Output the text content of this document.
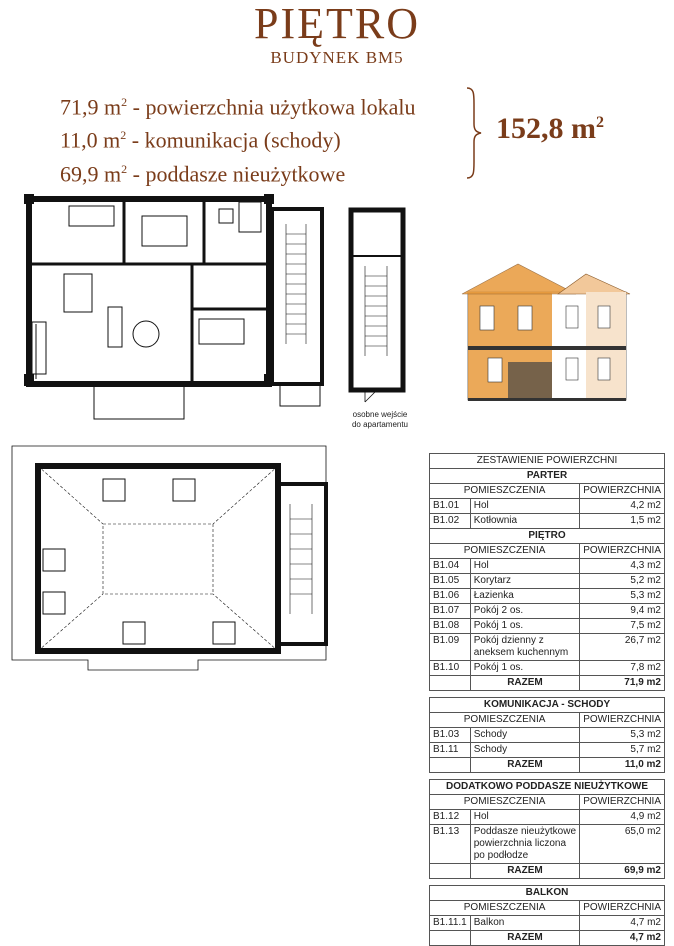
PIĘTRO
BUDYNEK BM5
71,9 $m^2$ - powierzchnia użytkowa lokalu
11,0 $m^2$ - komunikacja (schody)
69,9 $m^2$ - poddasze nieużytkowe
152,8 $m^2$
osobne wejście
do apartamentu
ZESTAWIENIE POWIERZCHNI		
PARTER		
POMIESZCZENIA		POWIERZCHNIA
B1.01	Hol	4,2 m2
B1.02	Kotłownia	1,5 m2
PIĘTRO		
POMIESZCZENIA		POWIERZCHNIA
B1.04	Hol	4,3 m2
B1.05	Korytarz	5,2 m2
B1.06	Łazienka	5,3 m2
B1.07	Pokój 2 os.	9,4 m2
B1.08	Pokój 1 os.	7,5 m2
B1.09	Pokój dzienny z aneksem kuchennym	26,7 m2
B1.10	Pokój 1 os.	7,8 m2
	RAZEM	71,9 m2

KOMUNIKACJA - SCHODY		
POMIESZCZENIA		POWIERZCHNIA
B1.03	Schody	5,3 m2
B1.11	Schody	5,7 m2
	RAZEM	11,0 m2

DODATKOWO PODDASZE NIEUŻYTKOWE		
POMIESZCZENIA		POWIERZCHNIA
B1.12	Hol	4,9 m2
B1.13	Poddasze nieużytkowe powierzchnia liczona po podłodze	65,0 m2
	RAZEM	69,9 m2

BALKON		
POMIESZCZENIA		POWIERZCHNIA
B1.11.1	Balkon	4,7 m2
	RAZEM	4,7 m2
